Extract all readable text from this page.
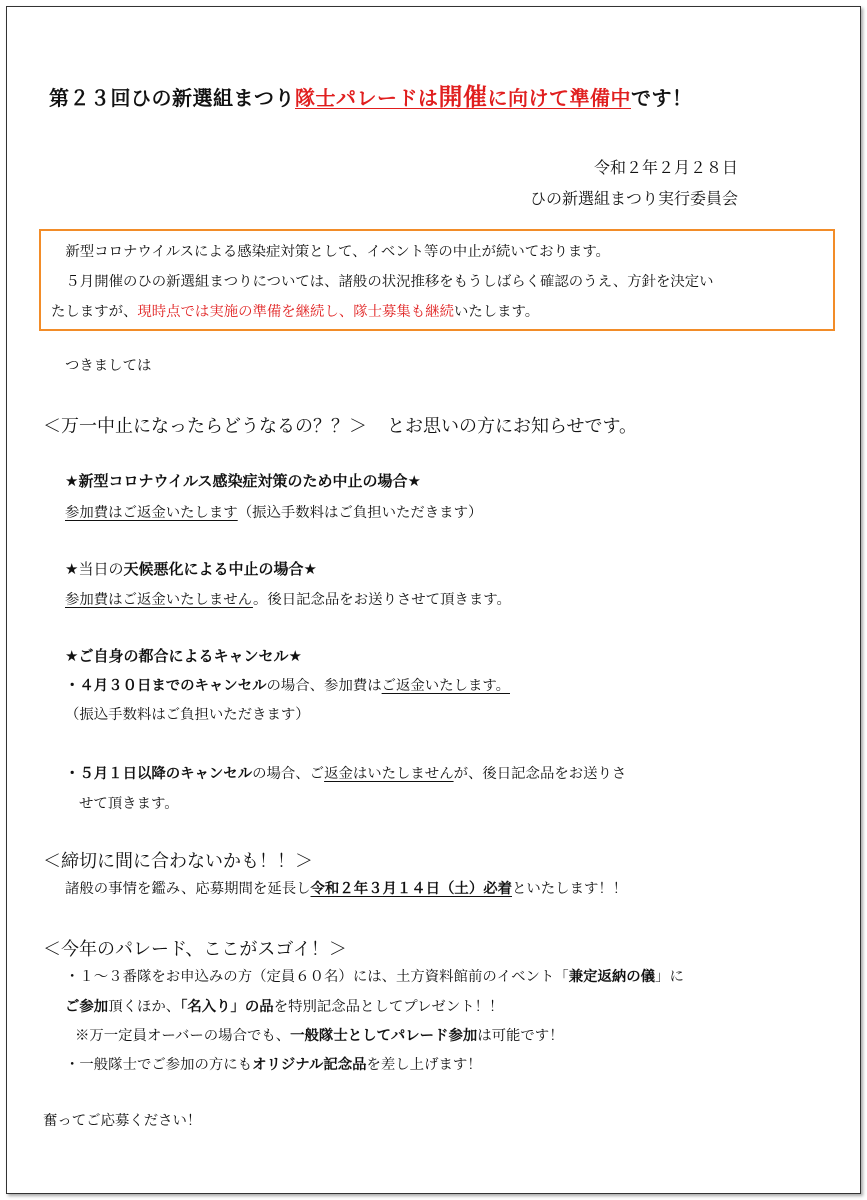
第２３回ひの新選組まつり隊士パレードは開催に向けて準備中です！
令和２年２月２８日
ひの新選組まつり実行委員会

　新型コロナウイルスによる感染症対策として、イベント等の中止が続いております。

　５月開催のひの新選組まつりについては、諸般の状況推移をもうしばらく確認のうえ、方針を決定い

たしますが、現時点では実施の準備を継続し、隊士募集も継続いたします。

つきましては
＜万一中止になったらどうなるの？？＞ とお思いの方にお知らせです。
★新型コロナウイルス感染症対策のため中止の場合★
参加費はご返金いたします（振込手数料はご負担いただきます）
★当日の天候悪化による中止の場合★
参加費はご返金いたしません。後日記念品をお送りさせて頂きます。
★ご自身の都合によるキャンセル★
・４月３０日までのキャンセルの場合、参加費はご返金いたします。
（振込手数料はご負担いただきます）
・５月１日以降のキャンセルの場合、ご返金はいたしませんが、後日記念品をお送りさ
せて頂きます。
＜締切に間に合わないかも！！＞
諸般の事情を鑑み、応募期間を延長し令和２年３月１４日（土）必着といたします！！
＜今年のパレード、ここがスゴイ！＞
・１～３番隊をお申込みの方（定員６０名）には、土方資料館前のイベント「兼定返納の儀」に
ご参加頂くほか、「名入り」の品を特別記念品としてプレゼント！！
※万一定員オーバーの場合でも、一般隊士としてパレード参加は可能です！
・一般隊士でご参加の方にもオリジナル記念品を差し上げます！
奮ってご応募ください！
